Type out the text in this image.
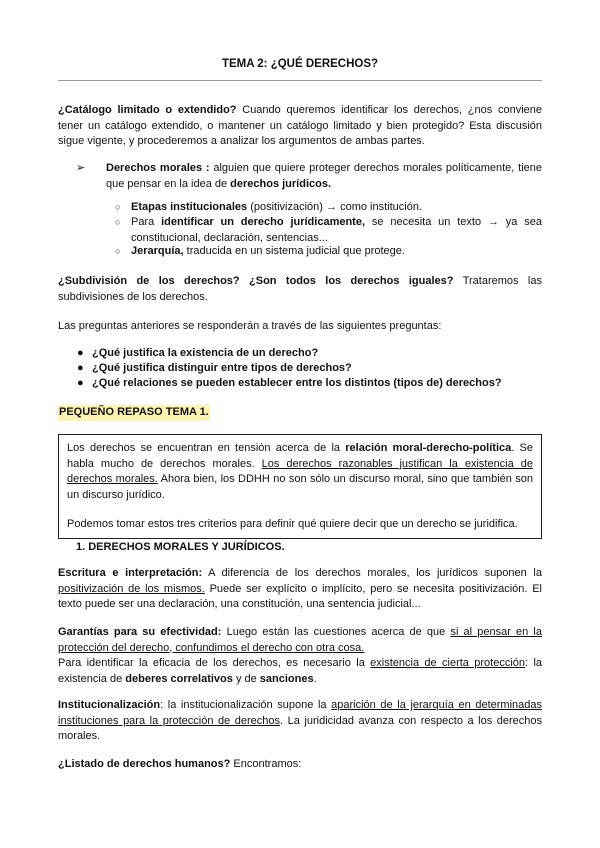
TEMA 2: ¿QUÉ DERECHOS?

¿Catálogo limitado o extendido? Cuando queremos identificar los derechos, ¿nos conviene tener un catálogo extendido, o mantener un catálogo limitado y bien protegido? Esta discusión sigue vigente, y procederemos a analizar los argumentos de ambas partes.

➢ Derechos morales : alguien que quiere proteger derechos morales políticamente, tiene que pensar en la idea de derechos jurídicos.

○ Etapas institucionales (positivización) → como institución.

○ Para identificar un derecho jurídicamente, se necesita un texto → ya sea constitucional, declaración, sentencias...

○ Jerarquía, traducida en un sistema judicial que protege.

¿Subdivisión de los derechos? ¿Son todos los derechos iguales? Trataremos las subdivisiones de los derechos.

Las preguntas anteriores se responderán a través de las siguientes preguntas:

● ¿Qué justifica la existencia de un derecho?

● ¿Qué justifica distinguir entre tipos de derechos?

● ¿Qué relaciones se pueden establecer entre los distintos (tipos de) derechos?

PEQUEÑO REPASO TEMA 1.

Los derechos se encuentran en tensión acerca de la relación moral-derecho-política. Se habla mucho de derechos morales. Los derechos razonables justifican la existencia de derechos morales. Ahora bien, los DDHH no son sólo un discurso moral, sino que también son un discurso jurídico.

Podemos tomar estos tres criterios para definir qué quiere decir que un derecho se juridifica.

1. DERECHOS MORALES Y JURÍDICOS.

Escritura e interpretación: A diferencia de los derechos morales, los jurídicos suponen la positivización de los mismos. Puede ser explícito o implícito, pero se necesita positivización. El texto puede ser una declaración, una constitución, una sentencia judicial...

Garantías para su efectividad: Luego están las cuestiones acerca de que si al pensar en la protección del derecho, confundimos el derecho con otra cosa.

Para identificar la eficacia de los derechos, es necesario la existencia de cierta protección: la existencia de deberes correlativos y de sanciones.

Institucionalización: la institucionalización supone la aparición de la jerarquía en determinadas instituciones para la protección de derechos. La juridicidad avanza con respecto a los derechos morales.

¿Listado de derechos humanos? Encontramos:
